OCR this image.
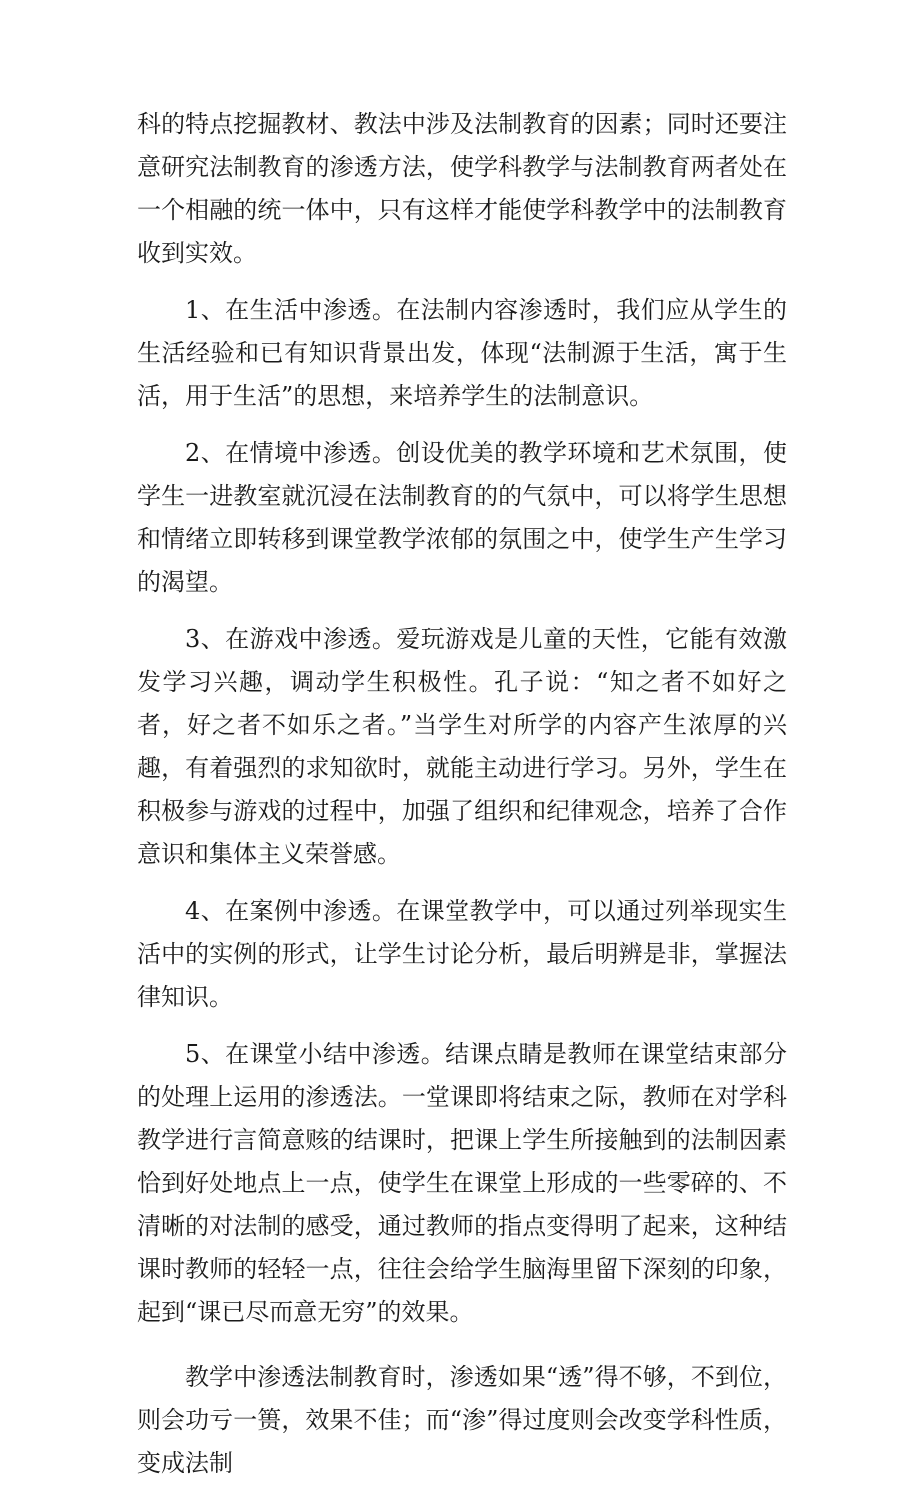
科的特点挖掘教材、教法中涉及法制教育的因素；同时还要注意研究法制教育的渗透方法，使学科教学与法制教育两者处在一个相融的统一体中，只有这样才能使学科教学中的法制教育收到实效。

1、在生活中渗透。在法制内容渗透时，我们应从学生的生活经验和已有知识背景出发，体现“法制源于生活，寓于生活，用于生活”的思想，来培养学生的法制意识。

2、在情境中渗透。创设优美的教学环境和艺术氛围，使学生一进教室就沉浸在法制教育的的气氛中，可以将学生思想和情绪立即转移到课堂教学浓郁的氛围之中，使学生产生学习的渴望。

3、在游戏中渗透。爱玩游戏是儿童的天性，它能有效激发学习兴趣，调动学生积极性。孔子说：“知之者不如好之者，好之者不如乐之者。”当学生对所学的内容产生浓厚的兴趣，有着强烈的求知欲时，就能主动进行学习。另外，学生在积极参与游戏的过程中，加强了组织和纪律观念，培养了合作意识和集体主义荣誉感。

4、在案例中渗透。在课堂教学中，可以通过列举现实生活中的实例的形式，让学生讨论分析，最后明辨是非，掌握法律知识。

5、在课堂小结中渗透。结课点睛是教师在课堂结束部分的处理上运用的渗透法。一堂课即将结束之际，教师在对学科教学进行言简意赅的结课时，把课上学生所接触到的法制因素恰到好处地点上一点，使学生在课堂上形成的一些零碎的、不清晰的对法制的感受，通过教师的指点变得明了起来，这种结课时教师的轻轻一点，往往会给学生脑海里留下深刻的印象，起到“课已尽而意无穷”的效果。

教学中渗透法制教育时，渗透如果“透”得不够，不到位，则会功亏一篑，效果不佳；而“渗”得过度则会改变学科性质，变成法制
